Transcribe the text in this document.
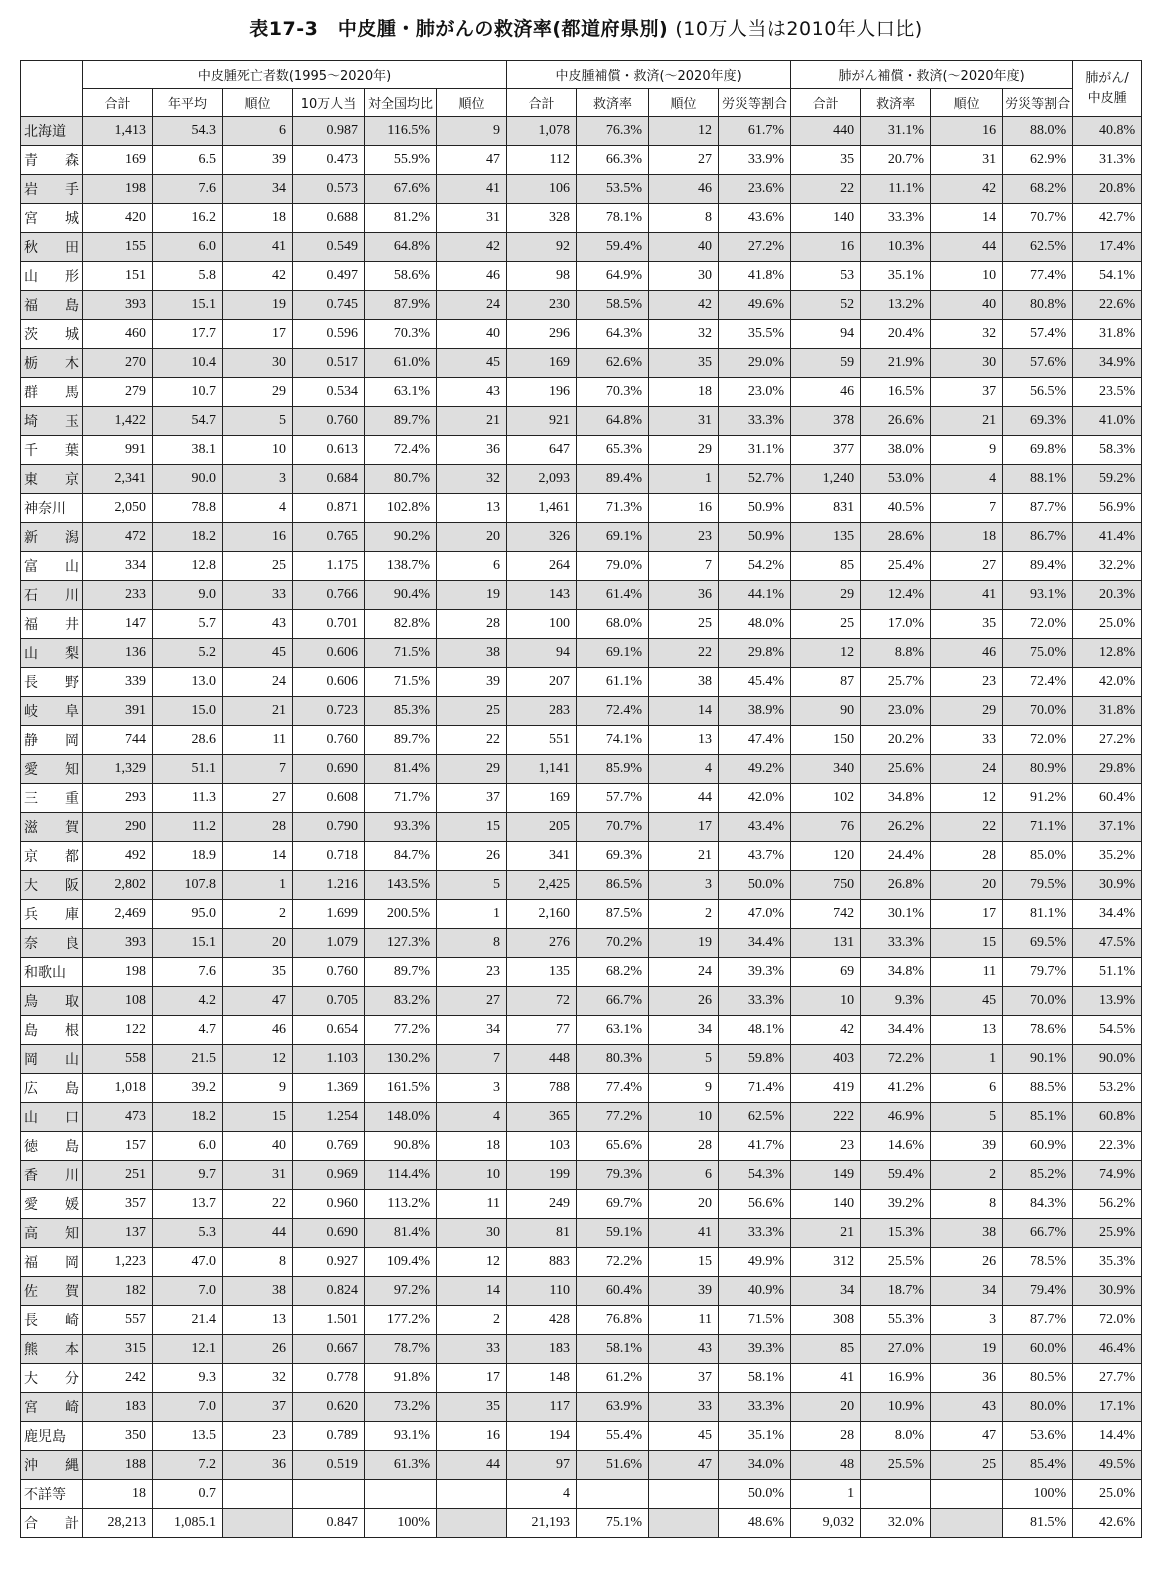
表17-3　中皮腫・肺がんの救済率(都道府県別) (10万人当は2010年人口比)
	中皮腫死亡者数(1995～2020年)						中皮腫補償・救済(～2020年度)				肺がん補償・救済(～2020年度)				肺がん/
中皮腫
	合計	年平均	順位	10万人当	対全国均比	順位	合計	救済率	順位	労災等割合	合計	救済率	順位	労災等割合	
北海道	1,413	54.3	6	0.987	116.5%	9	1,078	76.3%	12	61.7%	440	31.1%	16	88.0%	40.8%
青森	169	6.5	39	0.473	55.9%	47	112	66.3%	27	33.9%	35	20.7%	31	62.9%	31.3%
岩手	198	7.6	34	0.573	67.6%	41	106	53.5%	46	23.6%	22	11.1%	42	68.2%	20.8%
宮城	420	16.2	18	0.688	81.2%	31	328	78.1%	8	43.6%	140	33.3%	14	70.7%	42.7%
秋田	155	6.0	41	0.549	64.8%	42	92	59.4%	40	27.2%	16	10.3%	44	62.5%	17.4%
山形	151	5.8	42	0.497	58.6%	46	98	64.9%	30	41.8%	53	35.1%	10	77.4%	54.1%
福島	393	15.1	19	0.745	87.9%	24	230	58.5%	42	49.6%	52	13.2%	40	80.8%	22.6%
茨城	460	17.7	17	0.596	70.3%	40	296	64.3%	32	35.5%	94	20.4%	32	57.4%	31.8%
栃木	270	10.4	30	0.517	61.0%	45	169	62.6%	35	29.0%	59	21.9%	30	57.6%	34.9%
群馬	279	10.7	29	0.534	63.1%	43	196	70.3%	18	23.0%	46	16.5%	37	56.5%	23.5%
埼玉	1,422	54.7	5	0.760	89.7%	21	921	64.8%	31	33.3%	378	26.6%	21	69.3%	41.0%
千葉	991	38.1	10	0.613	72.4%	36	647	65.3%	29	31.1%	377	38.0%	9	69.8%	58.3%
東京	2,341	90.0	3	0.684	80.7%	32	2,093	89.4%	1	52.7%	1,240	53.0%	4	88.1%	59.2%
神奈川	2,050	78.8	4	0.871	102.8%	13	1,461	71.3%	16	50.9%	831	40.5%	7	87.7%	56.9%
新潟	472	18.2	16	0.765	90.2%	20	326	69.1%	23	50.9%	135	28.6%	18	86.7%	41.4%
富山	334	12.8	25	1.175	138.7%	6	264	79.0%	7	54.2%	85	25.4%	27	89.4%	32.2%
石川	233	9.0	33	0.766	90.4%	19	143	61.4%	36	44.1%	29	12.4%	41	93.1%	20.3%
福井	147	5.7	43	0.701	82.8%	28	100	68.0%	25	48.0%	25	17.0%	35	72.0%	25.0%
山梨	136	5.2	45	0.606	71.5%	38	94	69.1%	22	29.8%	12	8.8%	46	75.0%	12.8%
長野	339	13.0	24	0.606	71.5%	39	207	61.1%	38	45.4%	87	25.7%	23	72.4%	42.0%
岐阜	391	15.0	21	0.723	85.3%	25	283	72.4%	14	38.9%	90	23.0%	29	70.0%	31.8%
静岡	744	28.6	11	0.760	89.7%	22	551	74.1%	13	47.4%	150	20.2%	33	72.0%	27.2%
愛知	1,329	51.1	7	0.690	81.4%	29	1,141	85.9%	4	49.2%	340	25.6%	24	80.9%	29.8%
三重	293	11.3	27	0.608	71.7%	37	169	57.7%	44	42.0%	102	34.8%	12	91.2%	60.4%
滋賀	290	11.2	28	0.790	93.3%	15	205	70.7%	17	43.4%	76	26.2%	22	71.1%	37.1%
京都	492	18.9	14	0.718	84.7%	26	341	69.3%	21	43.7%	120	24.4%	28	85.0%	35.2%
大阪	2,802	107.8	1	1.216	143.5%	5	2,425	86.5%	3	50.0%	750	26.8%	20	79.5%	30.9%
兵庫	2,469	95.0	2	1.699	200.5%	1	2,160	87.5%	2	47.0%	742	30.1%	17	81.1%	34.4%
奈良	393	15.1	20	1.079	127.3%	8	276	70.2%	19	34.4%	131	33.3%	15	69.5%	47.5%
和歌山	198	7.6	35	0.760	89.7%	23	135	68.2%	24	39.3%	69	34.8%	11	79.7%	51.1%
鳥取	108	4.2	47	0.705	83.2%	27	72	66.7%	26	33.3%	10	9.3%	45	70.0%	13.9%
島根	122	4.7	46	0.654	77.2%	34	77	63.1%	34	48.1%	42	34.4%	13	78.6%	54.5%
岡山	558	21.5	12	1.103	130.2%	7	448	80.3%	5	59.8%	403	72.2%	1	90.1%	90.0%
広島	1,018	39.2	9	1.369	161.5%	3	788	77.4%	9	71.4%	419	41.2%	6	88.5%	53.2%
山口	473	18.2	15	1.254	148.0%	4	365	77.2%	10	62.5%	222	46.9%	5	85.1%	60.8%
徳島	157	6.0	40	0.769	90.8%	18	103	65.6%	28	41.7%	23	14.6%	39	60.9%	22.3%
香川	251	9.7	31	0.969	114.4%	10	199	79.3%	6	54.3%	149	59.4%	2	85.2%	74.9%
愛媛	357	13.7	22	0.960	113.2%	11	249	69.7%	20	56.6%	140	39.2%	8	84.3%	56.2%
高知	137	5.3	44	0.690	81.4%	30	81	59.1%	41	33.3%	21	15.3%	38	66.7%	25.9%
福岡	1,223	47.0	8	0.927	109.4%	12	883	72.2%	15	49.9%	312	25.5%	26	78.5%	35.3%
佐賀	182	7.0	38	0.824	97.2%	14	110	60.4%	39	40.9%	34	18.7%	34	79.4%	30.9%
長崎	557	21.4	13	1.501	177.2%	2	428	76.8%	11	71.5%	308	55.3%	3	87.7%	72.0%
熊本	315	12.1	26	0.667	78.7%	33	183	58.1%	43	39.3%	85	27.0%	19	60.0%	46.4%
大分	242	9.3	32	0.778	91.8%	17	148	61.2%	37	58.1%	41	16.9%	36	80.5%	27.7%
宮崎	183	7.0	37	0.620	73.2%	35	117	63.9%	33	33.3%	20	10.9%	43	80.0%	17.1%
鹿児島	350	13.5	23	0.789	93.1%	16	194	55.4%	45	35.1%	28	8.0%	47	53.6%	14.4%
沖縄	188	7.2	36	0.519	61.3%	44	97	51.6%	47	34.0%	48	25.5%	25	85.4%	49.5%
不詳等	18	0.7					4			50.0%	1			100%	25.0%
合計	28,213	1,085.1		0.847	100%		21,193	75.1%		48.6%	9,032	32.0%		81.5%	42.6%
